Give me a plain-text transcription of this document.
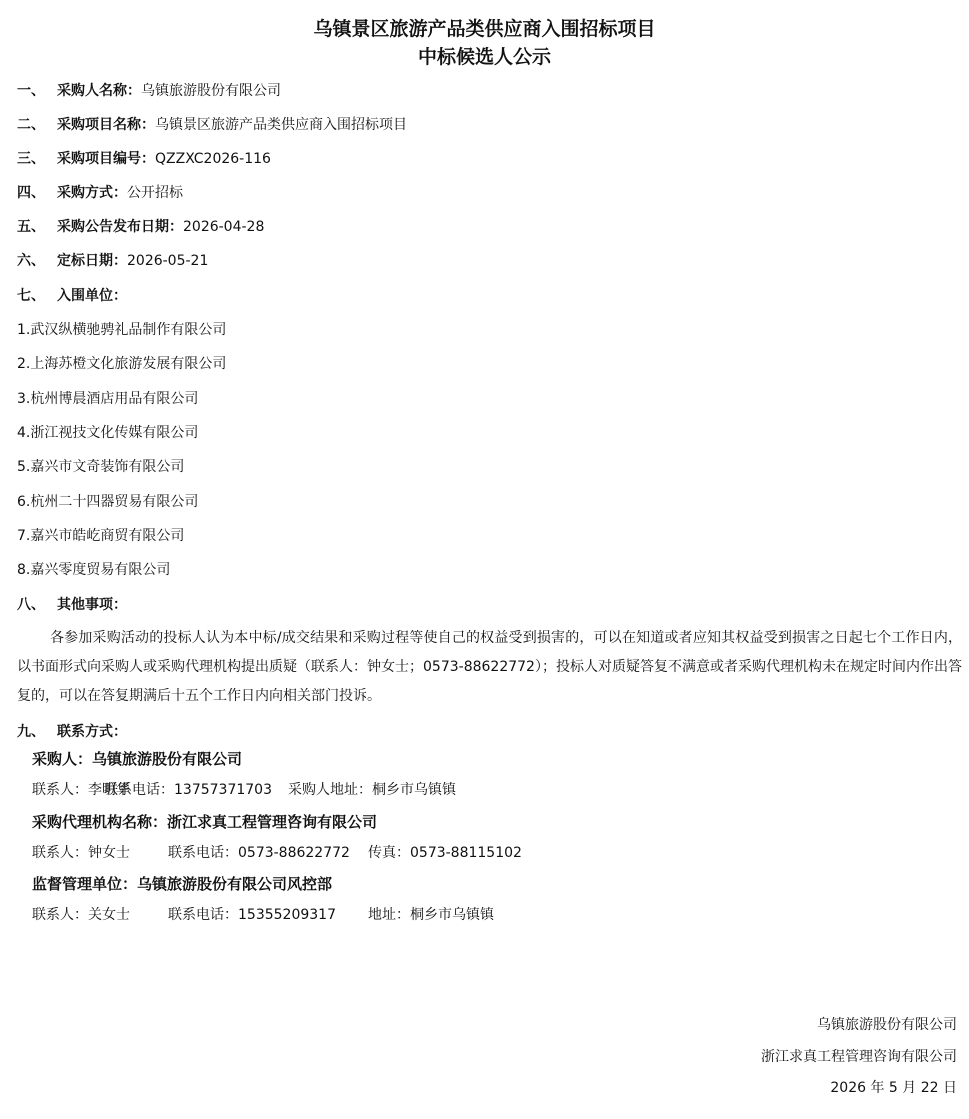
乌镇景区旅游产品类供应商入围招标项目
中标候选人公示
一、 采购人名称：乌镇旅游股份有限公司
二、 采购项目名称：乌镇景区旅游产品类供应商入围招标项目
三、 采购项目编号：QZZXC2026-116
四、 采购方式：公开招标
五、 采购公告发布日期：2026-04-28
六、 定标日期：2026-05-21
七、 入围单位：
1.武汉纵横驰骋礼品制作有限公司
2.上海苏橙文化旅游发展有限公司
3.杭州博晨酒店用品有限公司
4.浙江视技文化传媒有限公司
5.嘉兴市文奇装饰有限公司
6.杭州二十四器贸易有限公司
7.嘉兴市皓屹商贸有限公司
8.嘉兴零度贸易有限公司
八、 其他事项：
各参加采购活动的投标人认为本中标/成交结果和采购过程等使自己的权益受到损害的，可以在知道或者应知其权益受到损害之日起七个工作日内，以书面形式向采购人或采购代理机构提出质疑（联系人：钟女士；0573-88622772）；投标人对质疑答复不满意或者采购代理机构未在规定时间内作出答复的，可以在答复期满后十五个工作日内向相关部门投诉。
九、 联系方式：
采购人：乌镇旅游股份有限公司
联系人：李明华联系电话：13757371703 采购人地址：桐乡市乌镇镇
采购代理机构名称：浙江求真工程管理咨询有限公司
联系人：钟女士	联系电话：0573-88622772 传真：0573-88115102
监督管理单位：乌镇旅游股份有限公司风控部
联系人：关女士	联系电话：15355209317 地址：桐乡市乌镇镇
乌镇旅游股份有限公司
浙江求真工程管理咨询有限公司
2026 年 5 月 22 日
